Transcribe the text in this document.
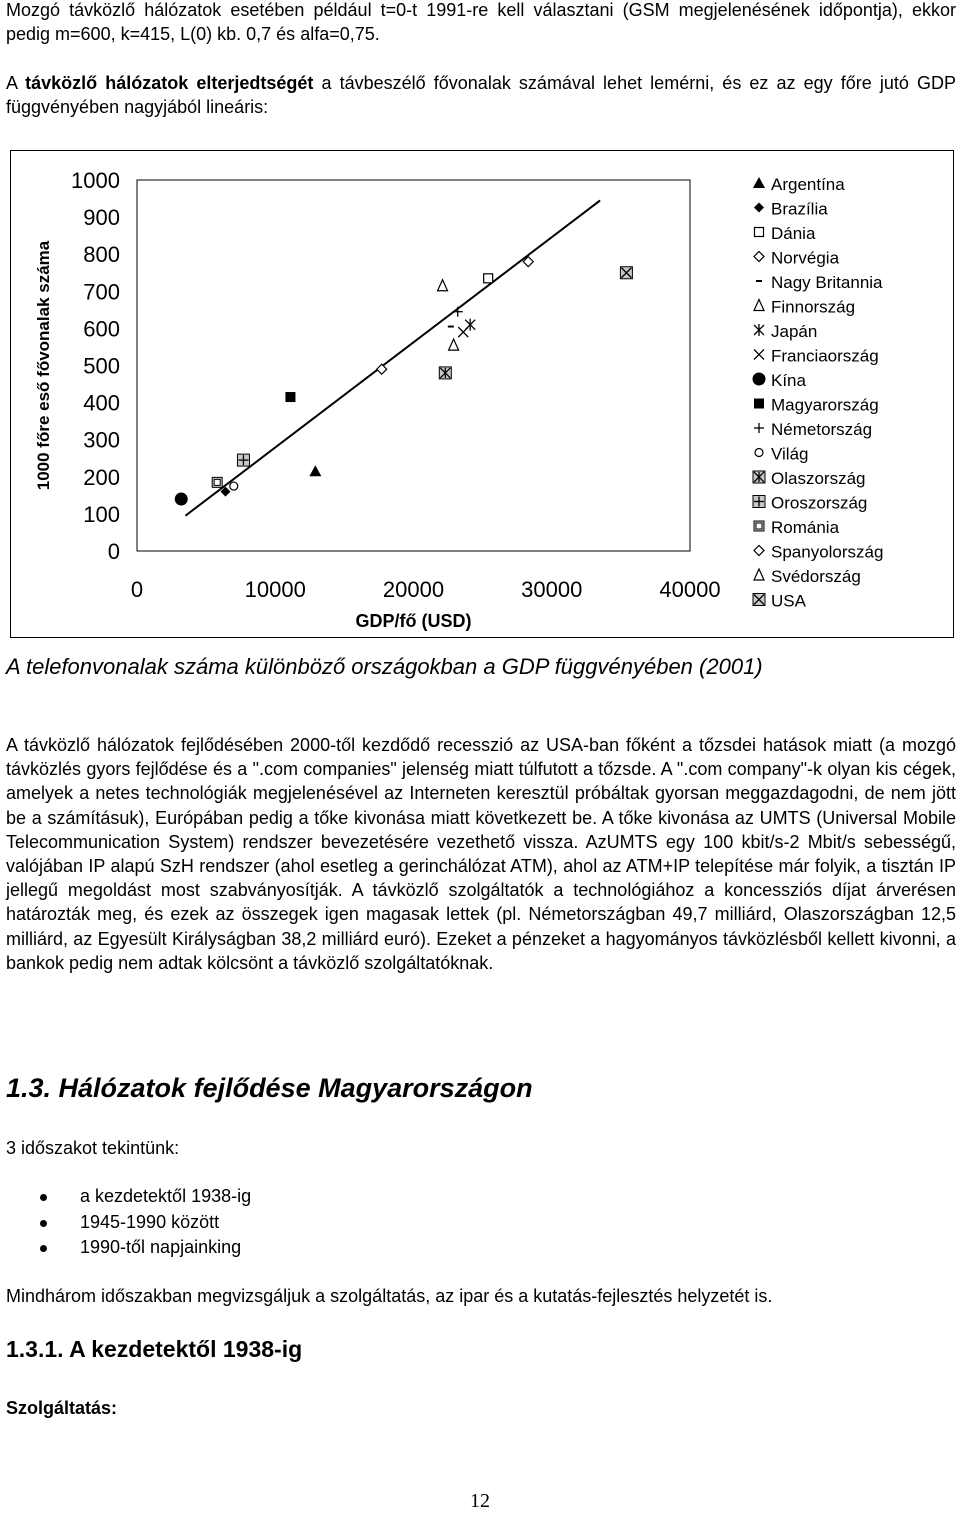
Mozgó távközlő hálózatok esetében például t=0-t 1991-re kell választani (GSM megjelenésének időpontja), ekkor pedig m=600, k=415, L(0) kb. 0,7 és alfa=0,75.

A távközlő hálózatok elterjedtségét a távbeszélő fővonalak számával lehet lemérni, és ez az egy főre jutó GDP függvényében nagyjából lineáris:

0
100
200
300
400
500
600
700
800
900
1000
0	10000	20000	30000	40000
GDP/fő (USD)
1000 főre eső fővonalak száma
Argentína
Brazília
Dánia
Norvégia
Nagy Britannia
Finnország
Japán
Franciaország
Kína
Magyarország
Németország
Világ
Olaszország
Oroszország
Románia
Spanyolország
Svédország
USA

A telefonvonalak száma különböző országokban a GDP függvényében (2001)

A távközlő hálózatok fejlődésében 2000-től kezdődő recesszió az USA-ban főként a tőzsdei hatások miatt (a mozgó távközlés gyors fejlődése és a ".com companies" jelenség miatt túlfutott a tőzsde. A ".com company"-k olyan kis cégek, amelyek a netes technológiák megjelenésével az Interneten keresztül próbáltak gyorsan meggazdagodni, de nem jött be a számításuk), Európában pedig a tőke kivonása miatt következett be. A tőke kivonása az UMTS (Universal Mobile Telecommunication System) rendszer bevezetésére vezethető vissza. AzUMTS egy 100 kbit/s-2 Mbit/s sebességű, valójában IP alapú SzH rendszer (ahol esetleg a gerinchálózat ATM), ahol az ATM+IP telepítése már folyik, a tisztán IP jellegű megoldást most szabványosítják. A távközlő szolgáltatók a technológiához a koncessziós díjat árverésen határozták meg, és ezek az összegek igen magasak lettek (pl. Németországban 49,7 milliárd, Olaszországban 12,5 milliárd, az Egyesült Királyságban 38,2 milliárd euró). Ezeket a pénzeket a hagyományos távközlésből kellett kivonni, a bankok pedig nem adtak kölcsönt a távközlő szolgáltatóknak.

1.3. Hálózatok fejlődése Magyarországon

3 időszakot tekintünk:

a kezdetektől 1938-ig
1945-1990 között
1990-től napjainking

Mindhárom időszakban megvizsgáljuk a szolgáltatás, az ipar és a kutatás-fejlesztés helyzetét is.

1.3.1. A kezdetektől 1938-ig

Szolgáltatás:

12
